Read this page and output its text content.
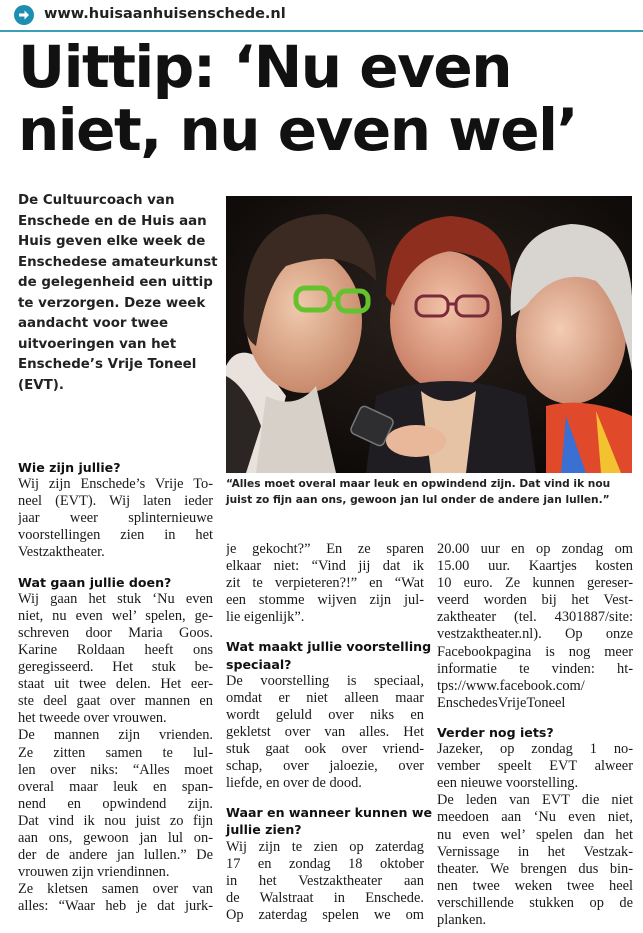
www.huisaanhuisenschede.nl
Uittip: ‘Nu even
niet, nu even wel’
De Cultuurcoach van
Enschede en de Huis aan
Huis geven elke week de
Enschedese amateurkunst
de gelegenheid een uittip
te verzorgen. Deze week
aandacht voor twee
uitvoeringen van het
Enschede’s Vrije Toneel
(EVT).
“Alles moet overal maar leuk en opwindend zijn. Dat vind ik nou
juist zo fijn aan ons, gewoon jan lul onder de andere jan lullen.”
Wie zijn jullie?
Wij zijn Enschede’s Vrije To-
neel (EVT). Wij laten ieder
jaar weer splinternieuwe
voorstellingen zien in het
Vestzaktheater.
Wat gaan jullie doen?
Wij gaan het stuk ‘Nu even
niet, nu even wel’ spelen, ge-
schreven door Maria Goos.
Karine Roldaan heeft ons
geregisseerd. Het stuk be-
staat uit twee delen. Het eer-
ste deel gaat over mannen en
het tweede over vrouwen.
De mannen zijn vrienden.
Ze zitten samen te lul-
len over niks: “Alles moet
overal maar leuk en span-
nend en opwindend zijn.
Dat vind ik nou juist zo fijn
aan ons, gewoon jan lul on-
der de andere jan lullen.” De
vrouwen zijn vriendinnen.
Ze kletsen samen over van
alles: “Waar heb je dat jurk-
je gekocht?” En ze sparen
elkaar niet: “Vind jij dat ik
zit te verpieteren?!” en “Wat
een stomme wijven zijn jul-
lie eigenlijk”.
Wat maakt jullie voorstelling
speciaal?
De voorstelling is speciaal,
omdat er niet alleen maar
wordt geluld over niks en
gekletst over van alles. Het
stuk gaat ook over vriend-
schap, over jaloezie, over
liefde, en over de dood.
Waar en wanneer kunnen we
jullie zien?
Wij zijn te zien op zaterdag
17 en zondag 18 oktober
in het Vestzaktheater aan
de Walstraat in Enschede.
Op zaterdag spelen we om
20.00 uur en op zondag om
15.00 uur. Kaartjes kosten
10 euro. Ze kunnen gereser-
veerd worden bij het Vest-
zaktheater (tel. 4301887/site:
vestzaktheater.nl). Op onze
Facebookpagina is nog meer
informatie te vinden: ht-
tps://www.facebook.com/
EnschedesVrijeToneel
Verder nog iets?
Jazeker, op zondag 1 no-
vember speelt EVT alweer
een nieuwe voorstelling.
De leden van EVT die niet
meedoen aan ‘Nu even niet,
nu even wel’ spelen dan het
Vernissage in het Vestzak-
theater. We brengen dus bin-
nen twee weken twee heel
verschillende stukken op de
planken.
